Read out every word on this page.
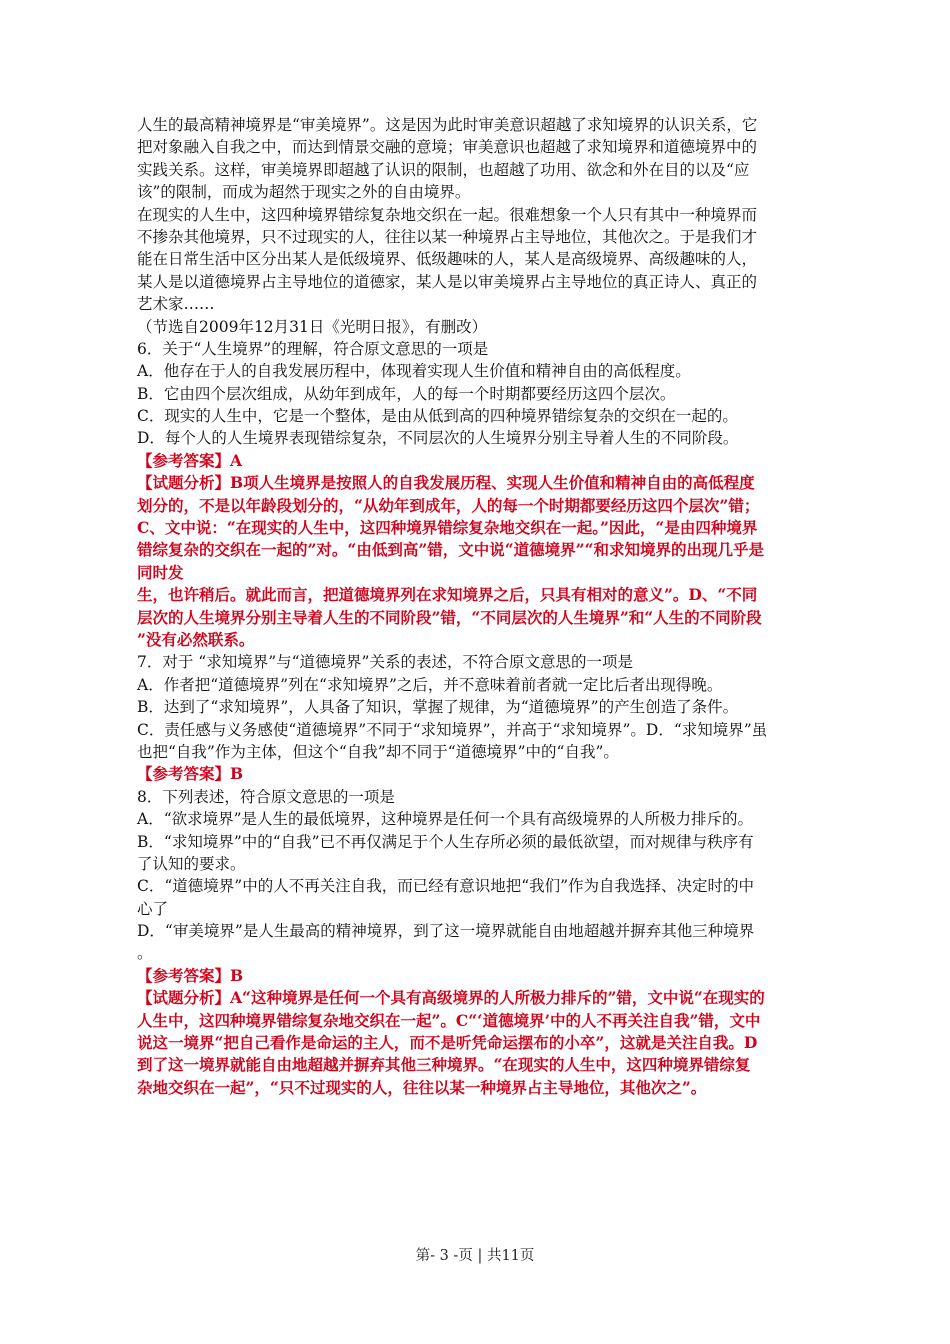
人生的最高精神境界是“审美境界”。这是因为此时审美意识超越了求知境界的认识关系，它
把对象融入自我之中，而达到情景交融的意境；审美意识也超越了求知境界和道德境界中的
实践关系。这样，审美境界即超越了认识的限制，也超越了功用、欲念和外在目的以及“应
该”的限制，而成为超然于现实之外的自由境界。
在现实的人生中，这四种境界错综复杂地交织在一起。很难想象一个人只有其中一种境界而
不掺杂其他境界，只不过现实的人，往往以某一种境界占主导地位，其他次之。于是我们才
能在日常生活中区分出某人是低级境界、低级趣味的人，某人是高级境界、高级趣味的人，
某人是以道德境界占主导地位的道德家，某人是以审美境界占主导地位的真正诗人、真正的
艺术家……
（节选自2009年12月31日《光明日报》，有删改）
6．关于“人生境界”的理解，符合原文意思的一项是
A．他存在于人的自我发展历程中，体现着实现人生价值和精神自由的高低程度。
B．它由四个层次组成，从幼年到成年，人的每一个时期都要经历这四个层次。
C．现实的人生中，它是一个整体，是由从低到高的四种境界错综复杂的交织在一起的。
D．每个人的人生境界表现错综复杂，不同层次的人生境界分别主导着人生的不同阶段。
【参考答案】A
【试题分析】B项人生境界是按照人的自我发展历程、实现人生价值和精神自由的高低程度
划分的，不是以年龄段划分的，“从幼年到成年，人的每一个时期都要经历这四个层次”错；
C、文中说：“在现实的人生中，这四种境界错综复杂地交织在一起。”因此，“是由四种境界
错综复杂的交织在一起的”对。“由低到高”错，文中说“道德境界”“和求知境界的出现几乎是
同时发
生，也许稍后。就此而言，把道德境界列在求知境界之后，只具有相对的意义”。D、“不同
层次的人生境界分别主导着人生的不同阶段”错，“不同层次的人生境界”和“人生的不同阶段
”没有必然联系。
7．对于 “求知境界”与“道德境界”关系的表述，不符合原文意思的一项是
A．作者把“道德境界”列在“求知境界”之后，并不意味着前者就一定比后者出现得晚。
B．达到了“求知境界”，人具备了知识，掌握了规律，为“道德境界”的产生创造了条件。
C．责任感与义务感使“道德境界”不同于“求知境界”，并高于“求知境界”。D．“求知境界”虽
也把“自我”作为主体，但这个“自我”却不同于“道德境界”中的“自我”。
【参考答案】B
8．下列表述，符合原文意思的一项是
A．“欲求境界”是人生的最低境界，这种境界是任何一个具有高级境界的人所极力排斥的。
B．“求知境界”中的“自我”已不再仅满足于个人生存所必须的最低欲望，而对规律与秩序有
了认知的要求。
C．“道德境界”中的人不再关注自我，而已经有意识地把“我们”作为自我选择、决定时的中
心了
D．“审美境界”是人生最高的精神境界，到了这一境界就能自由地超越并摒弃其他三种境界
。
【参考答案】B
【试题分析】A“这种境界是任何一个具有高级境界的人所极力排斥的”错，文中说“在现实的
人生中，这四种境界错综复杂地交织在一起”。C“‘道德境界’中的人不再关注自我”错，文中
说这一境界“把自己看作是命运的主人，而不是听凭命运摆布的小卒”，这就是关注自我。D
到了这一境界就能自由地超越并摒弃其他三种境界。“在现实的人生中，这四种境界错综复
杂地交织在一起”，“只不过现实的人，往往以某一种境界占主导地位，其他次之”。
第- 3 -页 | 共11页
